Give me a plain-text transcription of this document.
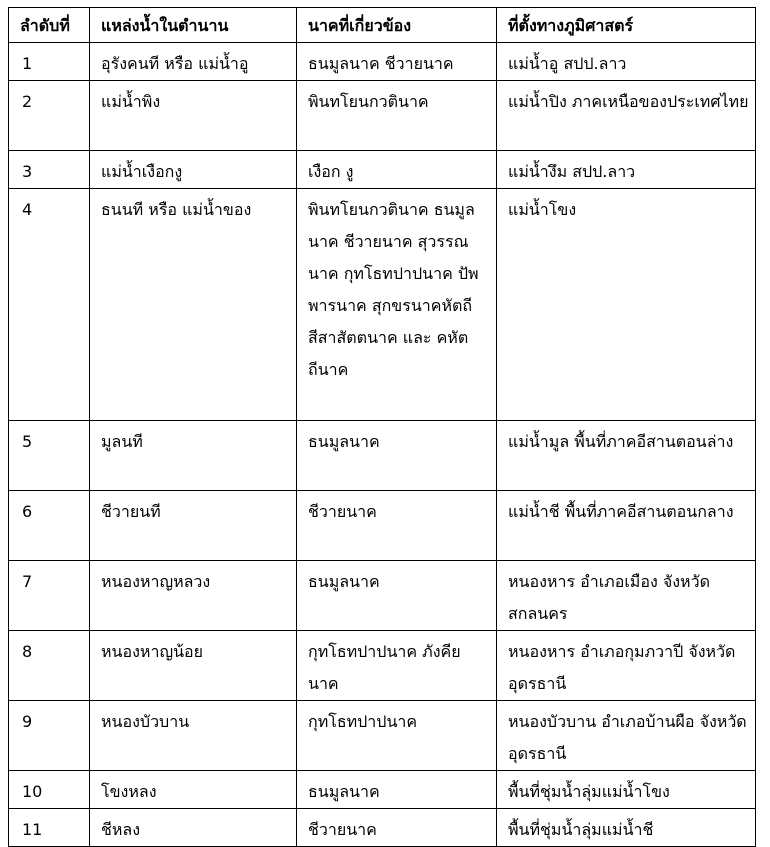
ลำดับที่	แหล่งน้ำในตำนาน	นาคที่เกี่ยวข้อง	ที่ตั้งทางภูมิศาสตร์
1	อุรังคนที หรือ แม่น้ำอู	ธนมูลนาค ชีวายนาค	แม่น้ำอู สปป.ลาว
2	แม่น้ำพิง	พินทโยนกวตินาค	แม่น้ำปิง ภาคเหนือของประเทศไทย
3	แม่น้ำเงือกงู	เงือก งู	แม่น้ำงึม สปป.ลาว
4	ธนนที หรือ แม่น้ำของ	พินทโยนกวตินาค ธนมูลนาค ชีวายนาค สุวรรณนาค กุทโธทปาปนาค ปัพพารนาค สุกขรนาคหัตถี สีสาสัตตนาค และ คหัตถีนาค	แม่น้ำโขง
5	มูลนที	ธนมูลนาค	แม่น้ำมูล พื้นที่ภาคอีสานตอนล่าง
6	ชีวายนที	ชีวายนาค	แม่น้ำชี พื้นที่ภาคอีสานตอนกลาง
7	หนองหาญหลวง	ธนมูลนาค	หนองหาร อำเภอเมือง จังหวัดสกลนคร
8	หนองหาญน้อย	กุทโธทปาปนาค ภังคียนาค	หนองหาร อำเภอกุมภวาปี จังหวัดอุดรธานี
9	หนองบัวบาน	กุทโธทปาปนาค	หนองบัวบาน อำเภอบ้านผือ จังหวัดอุดรธานี
10	โขงหลง	ธนมูลนาค	พื้นที่ชุ่มน้ำลุ่มแม่น้ำโขง
11	ชีหลง	ชีวายนาค	พื้นที่ชุ่มน้ำลุ่มแม่น้ำชี
